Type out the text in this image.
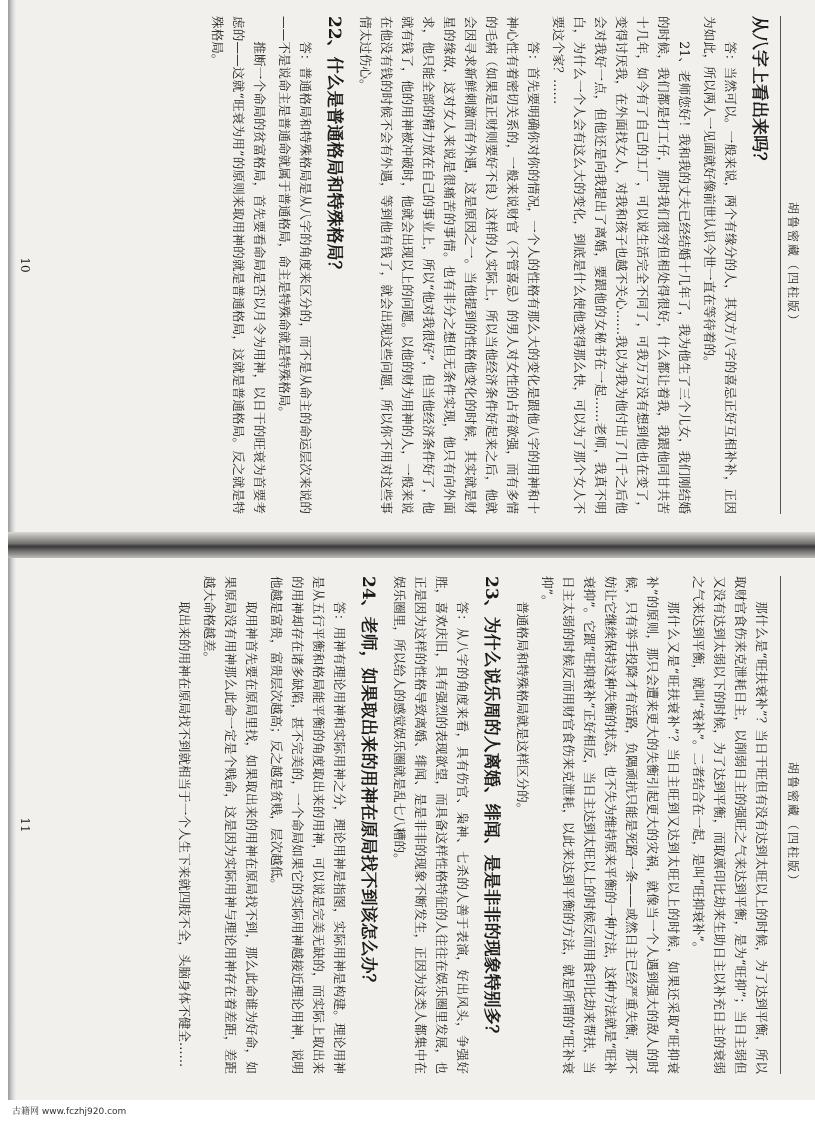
胡鲁密藏（四柱版）
从八字上看出来吗？

答：当然可以。一般来说，两个有缘分的人，其双方八字的喜忌正好互相补补，正因为如此，所以两人一见面就好像前世认识今世一直在等待着的。

21、老师您好！我和我的丈夫已经结婚十几年了，我为他生了三个儿女，我们刚结婚的时候，我们都是打工仔，那时我们很穷但相处得很好，什么都让着我，我跟他同甘共苦十几年，如今有了自己的工厂，可以说生活完全不同了，可我万万没有想到他也在变了，变得讨厌我，在外面找女人，对我和孩子也越不关心……我以为我为他付出了几千之后他会对我好一点，但他还是向我提出了离婚，要跟他的女秘书在一起……老师，我真不明白，为什么一个人会有这么大的变化，到底是什么使他变得那么快，可以为了那个女人不要这个家？……

答：首先要明确你对你的情况，一个人的性格有那么大的变化是跟他八字的用神和十神心性有着密切关系的，一般来说财官（不管喜忌）的男人对女性的占有欲强，而有多情的毛病（如果是正财则要好不良）这样的人实际上，所以当他经济条件好起来之后，他就会因寻求新鲜刺激而有外遇，这是原因之一。当他提到的性格他变化的时候，其实就是财星的缘故，这对女人来说是很痛苦的事情。也有非分之想但无条件实现，他只有向外面求，他只能全部的精力放在自己的事业上，所以“他对我很好”，但当他经济条件好了，他就有钱了，他的用神被冲破时，他就会出现以上的问题。以他的财为用神的人，一般来说在他没有钱的时候不会有外遇，等到他有钱了，就会出现这些问题，所以你不用对这些事情太过伤心。

22、什么是普通格局和特殊格局？

答：普通格局和特殊格局是从八字的角度来区分的，而不是从命主的命运层次来说的——不是说命主是普通命就属于普通格局，命主是特殊命就是特殊格局。

推断一个命局的贫富格局，首先要看命局是否以月令为用神，以日干的旺衰为首要考虑的——这就“旺衰为用”的原则来取用神的就是普通格局，这就是普通格局。反之就是特殊格局。

10
胡鲁密藏（四柱版）

那什么是“旺扶衰补”？当日干旺但有没有达到太旺以上的时候，为了达到平衡，所以取财官食伤来克泄耗日主，以削弱日主的强旺之气来达到平衡，是为“旺抑”；当日主弱但又没有达到太弱以下的时候，为了达到平衡，而取禀印比劫来生助日主以补充日主的衰弱之气来达到平衡，就叫“衰补”。二者结合在一起，是叫“旺抑衰补”。

那什么又是“旺扶衰补”？当日主旺到又达到太旺以上的时候，如果还采取“旺抑衰补”的原则，那只会遭来更大的失衡引起更大的灾祸，就像当一个人遇到强大的敌人的时候，只有举手投降才有活路，负隅顽抗只能是死路一条——或然日主已经严重失衡，那不妨让它继续保持这种失衡的状态，也不失为维持原来平衡的一种方法，这种方法就是“旺补衰抑”。它跟“旺抑衰补”正好相反，当日主达到太旺以上的时候反而用食印比劫来帮扶，当日主太弱的时候反而用财官食伤来克泄耗，以此来达到平衡的方法，就是所谓的“旺补衰抑”。

普通格局和特殊格局就是这样区分的。

23、为什么说乐周的人离婚、绯闻、是是非非的现象特别多？

答：从八字的角度来看，具有伤官、枭神、七杀的人善于表演，好出风头，争强好胜，喜欢庆旧，具有强烈的表现欲望，而具备这样性格特征的人往往在娱乐圈里发展，也正是因为这样的性格导致离婚、绯闻、是是非非的现象不断发生，正因为这类人都集中在娱乐圈里，所以给人的感觉娱乐圈就是乱七八糟的。

24、老师，如果取出来的用神在原局找不到该怎么办？

答：用神有理论用神和实际用神之分，理论用神是指图，实际用神是构建。理论用神是从五行平衡和格局能平衡的角度取出来的用神，可以说是完美无缺的，而实际上取出来的用神却存在诸多缺陷，甚不完美的，一个命局如果它的实际用神越接近理论用神，说明他越是富贵，富贵层次越高；反之越是贫贱，层次越低。

取用神首先要在原局里找，如果取出来的用神在原局找不到，那么此命谁为好命，如果原局没有用神那么此命一定是个贱命，这是因为实际用神与理论用神存在着差距，差距越大命格越差。

取出来的用神在原局找不到就相当于一个人生下来就四肢不全，头脑身体不健全……

11
古籍网 www.fczhj920.com
